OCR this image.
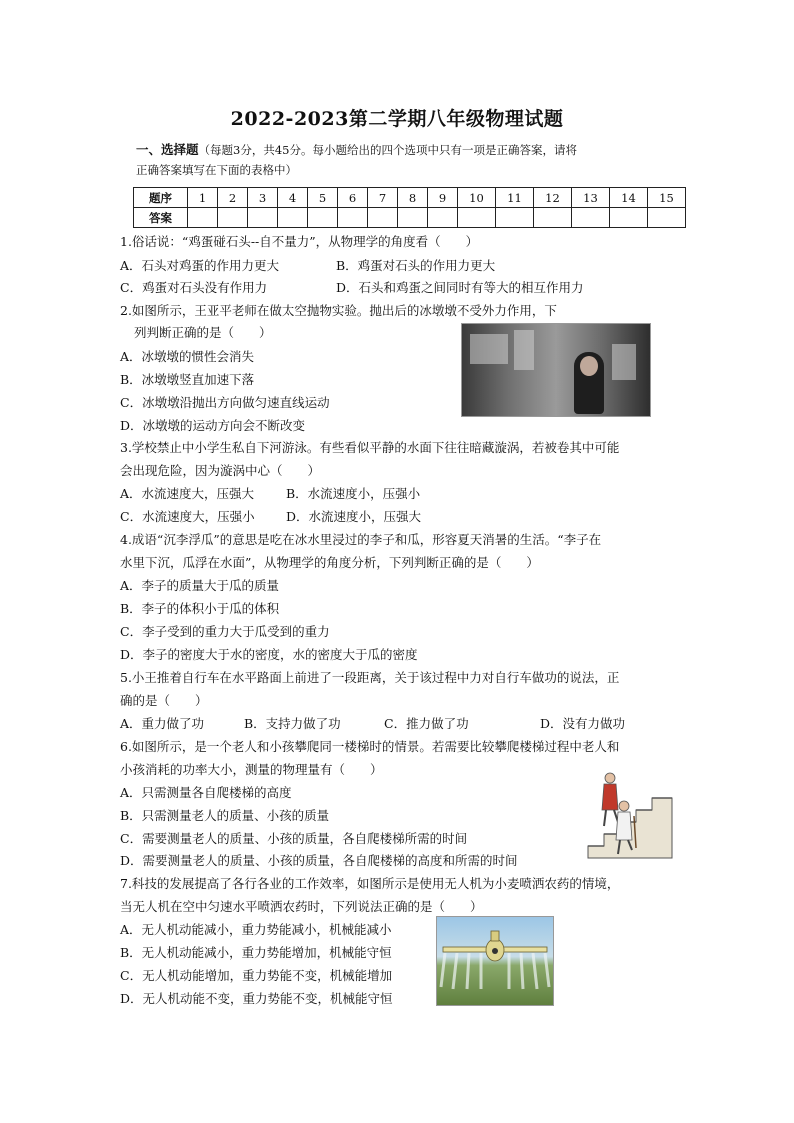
2022-2023第二学期八年级物理试题
一、选择题（每题3分，共45分。每小题给出的四个选项中只有一项是正确答案，请将
正确答案填写在下面的表格中）
题序	1	2	3	4	5	6	7	8	9	10	11	12	13	14	15
答案															
1.俗话说：“鸡蛋碰石头--自不量力”，从物理学的角度看（　　）
A．石头对鸡蛋的作用力更大	B．鸡蛋对石头的作用力更大
C．鸡蛋对石头没有作用力	D．石头和鸡蛋之间同时有等大的相互作用力
2.如图所示，王亚平老师在做太空抛物实验。抛出后的冰墩墩不受外力作用，下
列判断正确的是（　　）
A．冰墩墩的惯性会消失
B．冰墩墩竖直加速下落
C．冰墩墩沿抛出方向做匀速直线运动
D．冰墩墩的运动方向会不断改变
3.学校禁止中小学生私自下河游泳。有些看似平静的水面下往往暗藏漩涡，若被卷其中可能
会出现危险，因为漩涡中心（　　）
A．水流速度大，压强大	B．水流速度小，压强小
C．水流速度大，压强小	D．水流速度小，压强大
4.成语“沉李浮瓜”的意思是吃在冰水里浸过的李子和瓜，形容夏天消暑的生活。“李子在
水里下沉，瓜浮在水面”，从物理学的角度分析，下列判断正确的是（　　）
A．李子的质量大于瓜的质量
B．李子的体积小于瓜的体积
C．李子受到的重力大于瓜受到的重力
D．李子的密度大于水的密度，水的密度大于瓜的密度
5.小王推着自行车在水平路面上前进了一段距离，关于该过程中力对自行车做功的说法，正
确的是（　　）
A．重力做了功	B．支持力做了功	C．推力做了功	D．没有力做功
6.如图所示，是一个老人和小孩攀爬同一楼梯时的情景。若需要比较攀爬楼梯过程中老人和
小孩消耗的功率大小，测量的物理量有（　　）
A．只需测量各自爬楼梯的高度
B．只需测量老人的质量、小孩的质量
C．需要测量老人的质量、小孩的质量，各自爬楼梯所需的时间
D．需要测量老人的质量、小孩的质量，各自爬楼梯的高度和所需的时间
7.科技的发展提高了各行各业的工作效率，如图所示是使用无人机为小麦喷洒农药的情境，
当无人机在空中匀速水平喷洒农药时，下列说法正确的是（　　）
A．无人机动能减小，重力势能减小，机械能减小
B．无人机动能减小，重力势能增加，机械能守恒
C．无人机动能增加，重力势能不变，机械能增加
D．无人机动能不变，重力势能不变，机械能守恒
